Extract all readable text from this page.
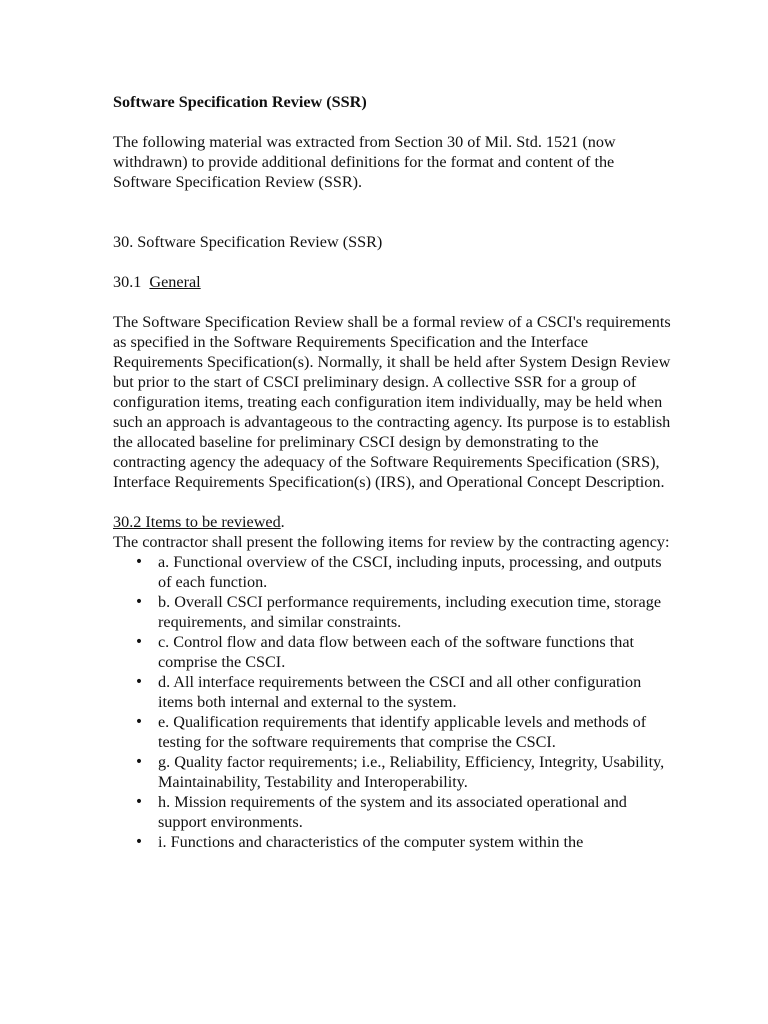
Software Specification Review (SSR)

The following material was extracted from Section 30 of Mil. Std. 1521 (now withdrawn) to provide additional definitions for the format and content of the Software Specification Review (SSR).

30. Software Specification Review (SSR)

30.1 General

The Software Specification Review shall be a formal review of a CSCI's requirements as specified in the Software Requirements Specification and the Interface Requirements Specification(s). Normally, it shall be held after System Design Review but prior to the start of CSCI preliminary design. A collective SSR for a group of configuration items, treating each configuration item individually, may be held when such an approach is advantageous to the contracting agency. Its purpose is to establish the allocated baseline for preliminary CSCI design by demonstrating to the contracting agency the adequacy of the Software Requirements Specification (SRS), Interface Requirements Specification(s) (IRS), and Operational Concept Description.

30.2 Items to be reviewed.

The contractor shall present the following items for review by the contracting agency:

• a. Functional overview of the CSCI, including inputs, processing, and outputs of each function.
• b. Overall CSCI performance requirements, including execution time, storage requirements, and similar constraints.
• c. Control flow and data flow between each of the software functions that comprise the CSCI.
• d. All interface requirements between the CSCI and all other configuration items both internal and external to the system.
• e. Qualification requirements that identify applicable levels and methods of testing for the software requirements that comprise the CSCI.
• g. Quality factor requirements; i.e., Reliability, Efficiency, Integrity, Usability, Maintainability, Testability and Interoperability.
• h. Mission requirements of the system and its associated operational and support environments.
• i. Functions and characteristics of the computer system within the
